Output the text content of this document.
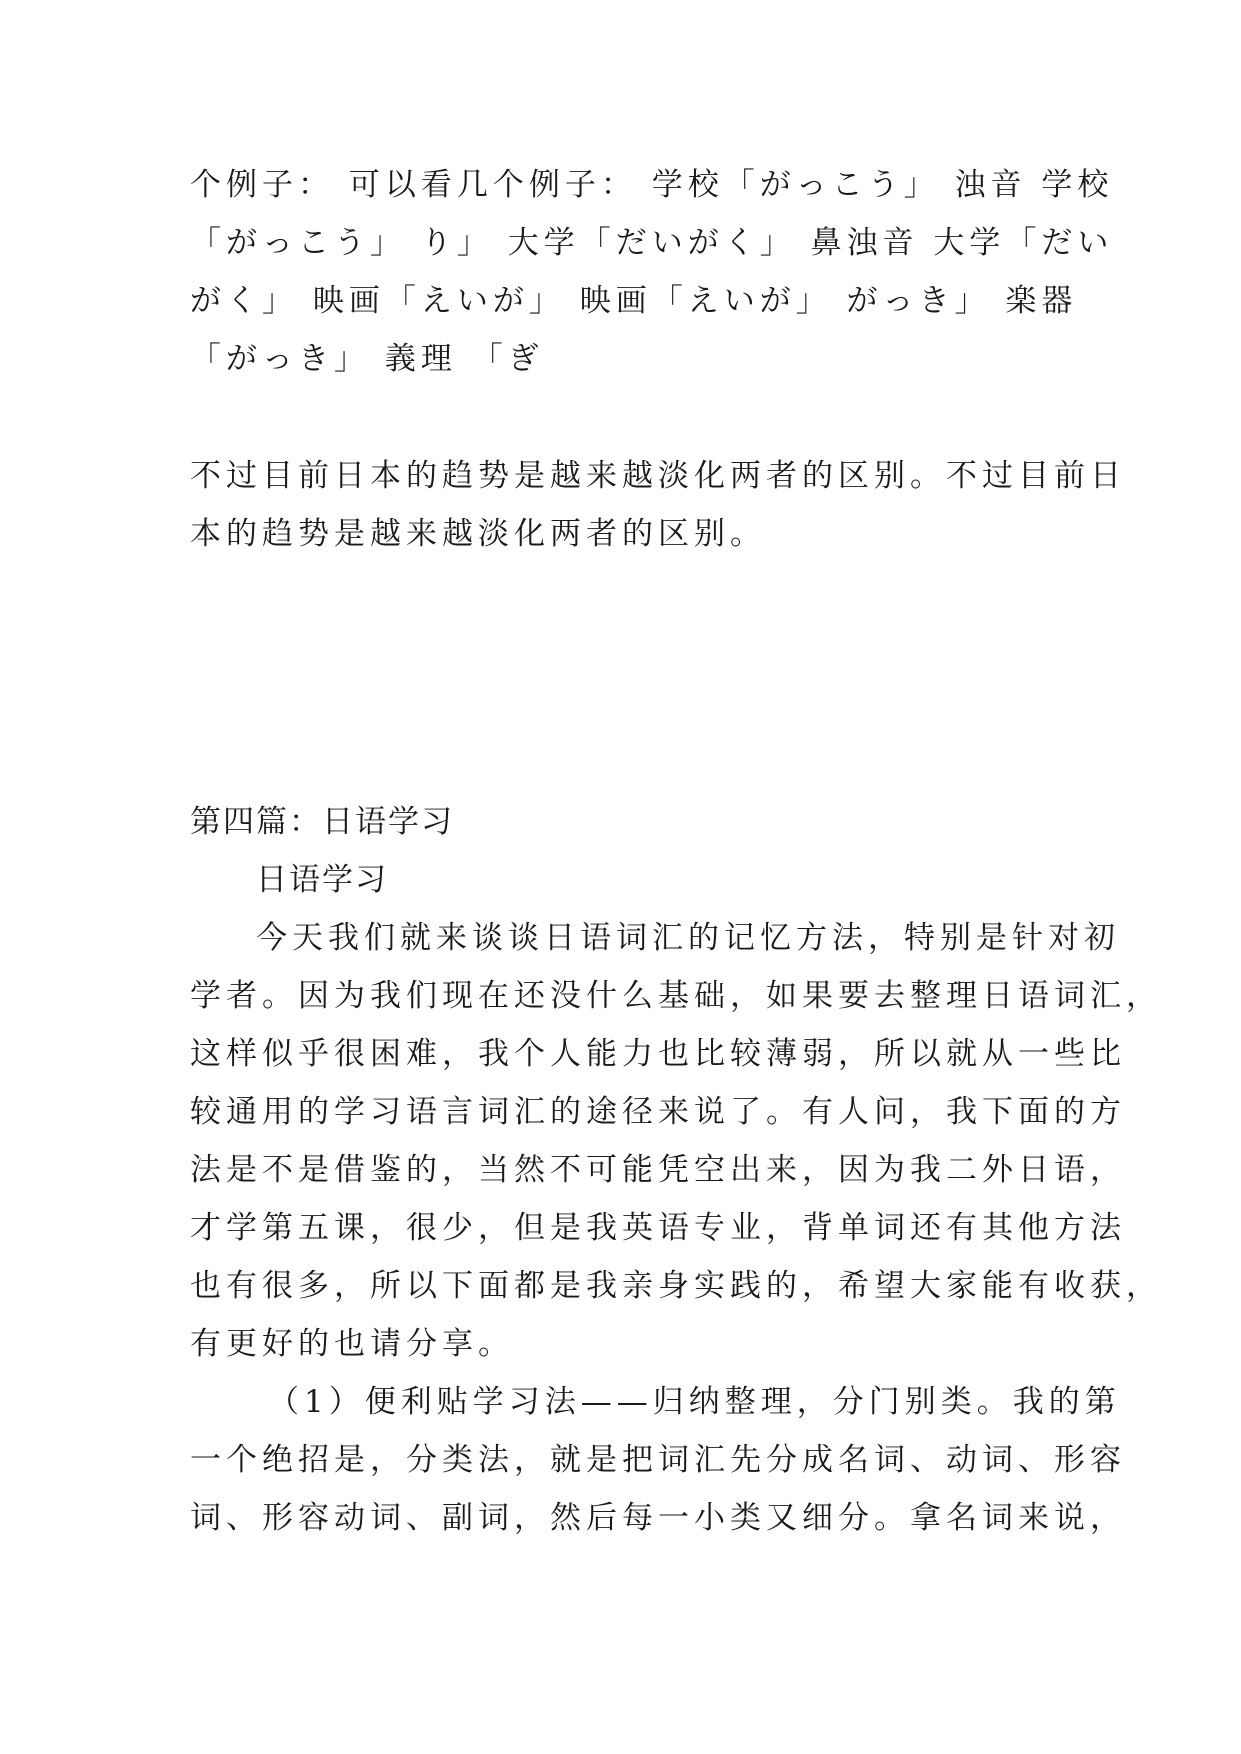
个例子： 可以看几个例子： 学校「がっこう」 浊音 学校
「がっこう」 り」 大学「だいがく」 鼻浊音 大学「だい
がく」 映画「えいが」 映画「えいが」 がっき」 楽器
「がっき」 義理 「ぎ
不过目前日本的趋势是越来越淡化两者的区别。不过目前日
本的趋势是越来越淡化两者的区别。
第四篇：日语学习
日语学习
今天我们就来谈谈日语词汇的记忆方法，特别是针对初
学者。因为我们现在还没什么基础，如果要去整理日语词汇，
这样似乎很困难，我个人能力也比较薄弱，所以就从一些比
较通用的学习语言词汇的途径来说了。有人问，我下面的方
法是不是借鉴的，当然不可能凭空出来，因为我二外日语，
才学第五课，很少，但是我英语专业，背单词还有其他方法
也有很多，所以下面都是我亲身实践的，希望大家能有收获，
有更好的也请分享。
（1）便利贴学习法——归纳整理，分门别类。我的第
一个绝招是，分类法，就是把词汇先分成名词、动词、形容
词、形容动词、副词，然后每一小类又细分。拿名词来说，
